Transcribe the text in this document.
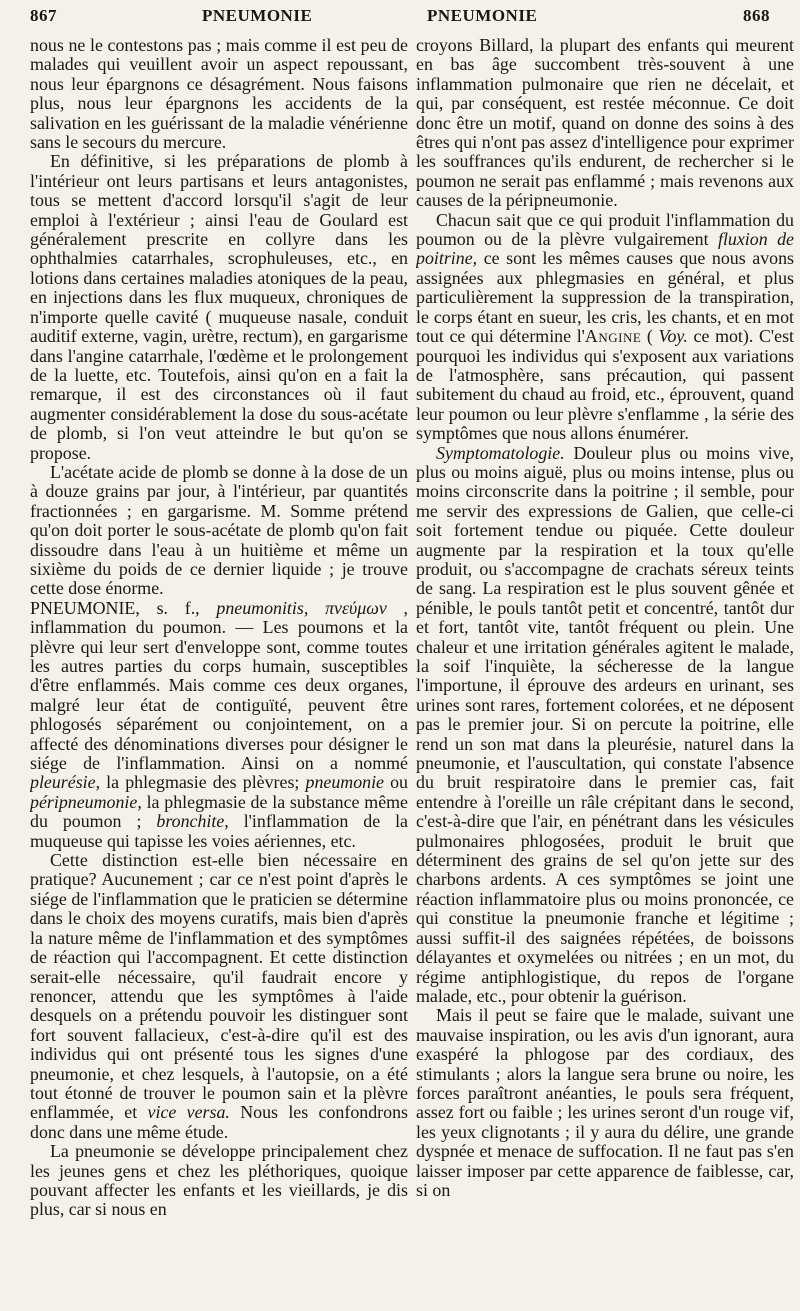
867	PNEUMONIE	PNEUMONIE	868

nous ne le contestons pas ; mais comme il est peu de malades qui veuillent avoir un aspect repoussant, nous leur épargnons ce désagrément. Nous faisons plus, nous leur épargnons les accidents de la salivation en les guérissant de la maladie vénérienne sans le secours du mercure.

En définitive, si les préparations de plomb à l'intérieur ont leurs partisans et leurs antagonistes, tous se mettent d'accord lorsqu'il s'agit de leur emploi à l'extérieur ; ainsi l'eau de Goulard est généralement prescrite en collyre dans les ophthalmies catarrhales, scrophuleuses, etc., en lotions dans certaines maladies atoniques de la peau, en injections dans les flux muqueux, chroniques de n'importe quelle cavité ( muqueuse nasale, conduit auditif externe, vagin, urètre, rectum), en gargarisme dans l'angine catarrhale, l'œdème et le prolongement de la luette, etc. Toutefois, ainsi qu'on en a fait la remarque, il est des circonstances où il faut augmenter considérablement la dose du sous-acétate de plomb, si l'on veut atteindre le but qu'on se propose.

L'acétate acide de plomb se donne à la dose de un à douze grains par jour, à l'intérieur, par quantités fractionnées ; en gargarisme. M. Somme prétend qu'on doit porter le sous-acétate de plomb qu'on fait dissoudre dans l'eau à un huitième et même un sixième du poids de ce dernier liquide ; je trouve cette dose énorme.

PNEUMONIE, s. f., pneumonitis, πνεύμων , inflammation du poumon. — Les poumons et la plèvre qui leur sert d'enveloppe sont, comme toutes les autres parties du corps humain, susceptibles d'être enflammés. Mais comme ces deux organes, malgré leur état de contiguïté, peuvent être phlogosés séparément ou conjointement, on a affecté des dénominations diverses pour désigner le siége de l'inflammation. Ainsi on a nommé pleurésie, la phlegmasie des plèvres; pneumonie ou péripneumonie, la phlegmasie de la substance même du poumon ; bronchite, l'inflammation de la muqueuse qui tapisse les voies aériennes, etc.

Cette distinction est-elle bien nécessaire en pratique? Aucunement ; car ce n'est point d'après le siége de l'inflammation que le praticien se détermine dans le choix des moyens curatifs, mais bien d'après la nature même de l'inflammation et des symptômes de réaction qui l'accompagnent. Et cette distinction serait-elle nécessaire, qu'il faudrait encore y renoncer, attendu que les symptômes à l'aide desquels on a prétendu pouvoir les distinguer sont fort souvent fallacieux, c'est-à-dire qu'il est des individus qui ont présenté tous les signes d'une pneumonie, et chez lesquels, à l'autopsie, on a été tout étonné de trouver le poumon sain et la plèvre enflammée, et vice versa. Nous les confondrons donc dans une même étude.

La pneumonie se développe principalement chez les jeunes gens et chez les pléthoriques, quoique pouvant affecter les enfants et les vieillards, je dis plus, car si nous en

croyons Billard, la plupart des enfants qui meurent en bas âge succombent très-souvent à une inflammation pulmonaire que rien ne décelait, et qui, par conséquent, est restée méconnue. Ce doit donc être un motif, quand on donne des soins à des êtres qui n'ont pas assez d'intelligence pour exprimer les souffrances qu'ils endurent, de rechercher si le poumon ne serait pas enflammé ; mais revenons aux causes de la péripneumonie.

Chacun sait que ce qui produit l'inflammation du poumon ou de la plèvre vulgairement fluxion de poitrine, ce sont les mêmes causes que nous avons assignées aux phlegmasies en général, et plus particulièrement la suppression de la transpiration, le corps étant en sueur, les cris, les chants, et en mot tout ce qui détermine l'Angine ( Voy. ce mot). C'est pourquoi les individus qui s'exposent aux variations de l'atmosphère, sans précaution, qui passent subitement du chaud au froid, etc., éprouvent, quand leur poumon ou leur plèvre s'enflamme , la série des symptômes que nous allons énumérer.

Symptomatologie. Douleur plus ou moins vive, plus ou moins aiguë, plus ou moins intense, plus ou moins circonscrite dans la poitrine ; il semble, pour me servir des expressions de Galien, que celle-ci soit fortement tendue ou piquée. Cette douleur augmente par la respiration et la toux qu'elle produit, ou s'accompagne de crachats séreux teints de sang. La respiration est le plus souvent gênée et pénible, le pouls tantôt petit et concentré, tantôt dur et fort, tantôt vite, tantôt fréquent ou plein. Une chaleur et une irritation générales agitent le malade, la soif l'inquiète, la sécheresse de la langue l'importune, il éprouve des ardeurs en urinant, ses urines sont rares, fortement colorées, et ne déposent pas le premier jour. Si on percute la poitrine, elle rend un son mat dans la pleurésie, naturel dans la pneumonie, et l'auscultation, qui constate l'absence du bruit respiratoire dans le premier cas, fait entendre à l'oreille un râle crépitant dans le second, c'est-à-dire que l'air, en pénétrant dans les vésicules pulmonaires phlogosées, produit le bruit que déterminent des grains de sel qu'on jette sur des charbons ardents. A ces symptômes se joint une réaction inflammatoire plus ou moins prononcée, ce qui constitue la pneumonie franche et légitime ; aussi suffit-il des saignées répétées, de boissons délayantes et oxymelées ou nitrées ; en un mot, du régime antiphlogistique, du repos de l'organe malade, etc., pour obtenir la guérison.

Mais il peut se faire que le malade, suivant une mauvaise inspiration, ou les avis d'un ignorant, aura exaspéré la phlogose par des cordiaux, des stimulants ; alors la langue sera brune ou noire, les forces paraîtront anéanties, le pouls sera fréquent, assez fort ou faible ; les urines seront d'un rouge vif, les yeux clignotants ; il y aura du délire, une grande dyspnée et menace de suffocation. Il ne faut pas s'en laisser imposer par cette apparence de faiblesse, car, si on
